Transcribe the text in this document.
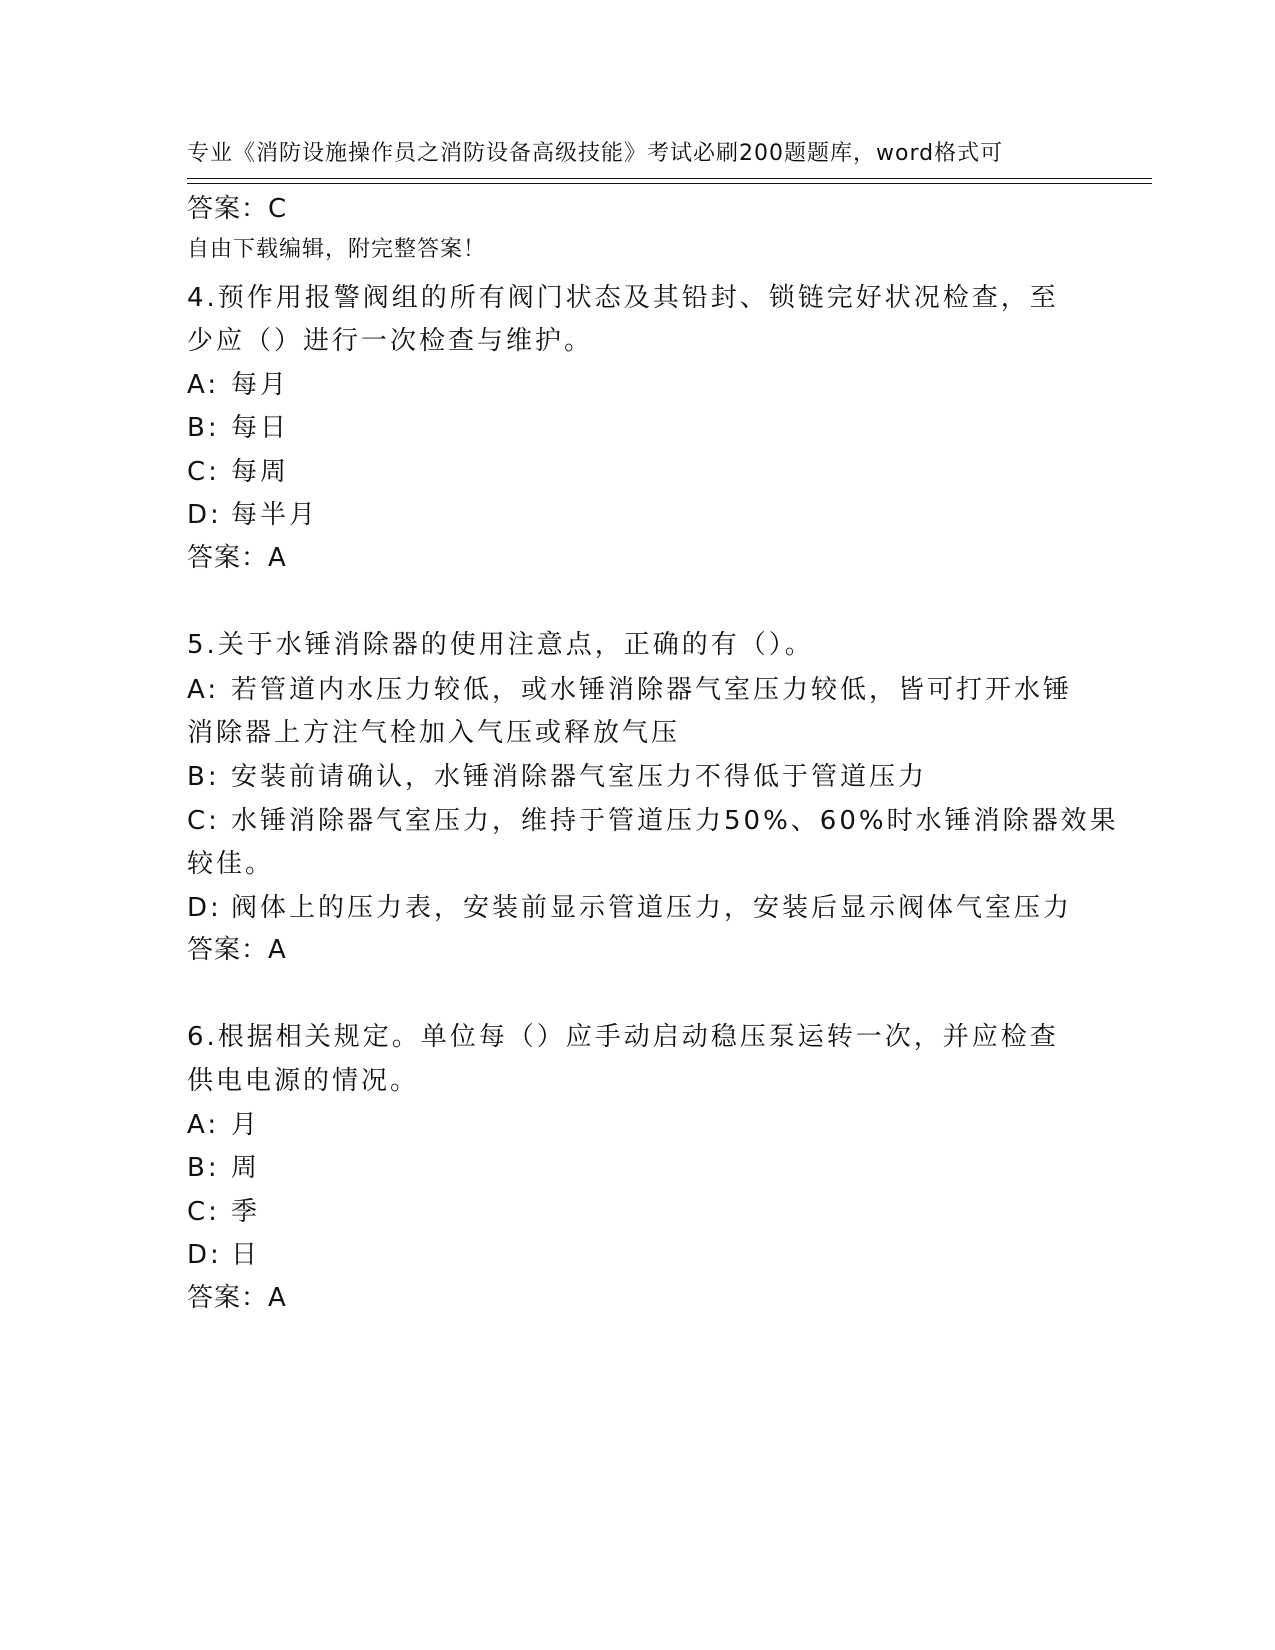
专业《消防设施操作员之消防设备高级技能》考试必刷200题题库，word格式可

自由下载编辑，附完整答案！

答案：C
4.预作用报警阀组的所有阀门状态及其铅封、锁链完好状况检查，至
少应（）进行一次检查与维护。
A: 每月
B: 每日
C: 每周
D: 每半月
答案：A
5.关于水锤消除器的使用注意点，正确的有（）。
A: 若管道内水压力较低，或水锤消除器气室压力较低，皆可打开水锤
消除器上方注气栓加入气压或释放气压
B: 安装前请确认，水锤消除器气室压力不得低于管道压力
C: 水锤消除器气室压力，维持于管道压力50%、60%时水锤消除器效果
较佳。
D: 阀体上的压力表，安装前显示管道压力，安装后显示阀体气室压力
答案：A
6.根据相关规定。单位每（）应手动启动稳压泵运转一次，并应检查
供电电源的情况。
A: 月
B: 周
C: 季
D: 日
答案：A
